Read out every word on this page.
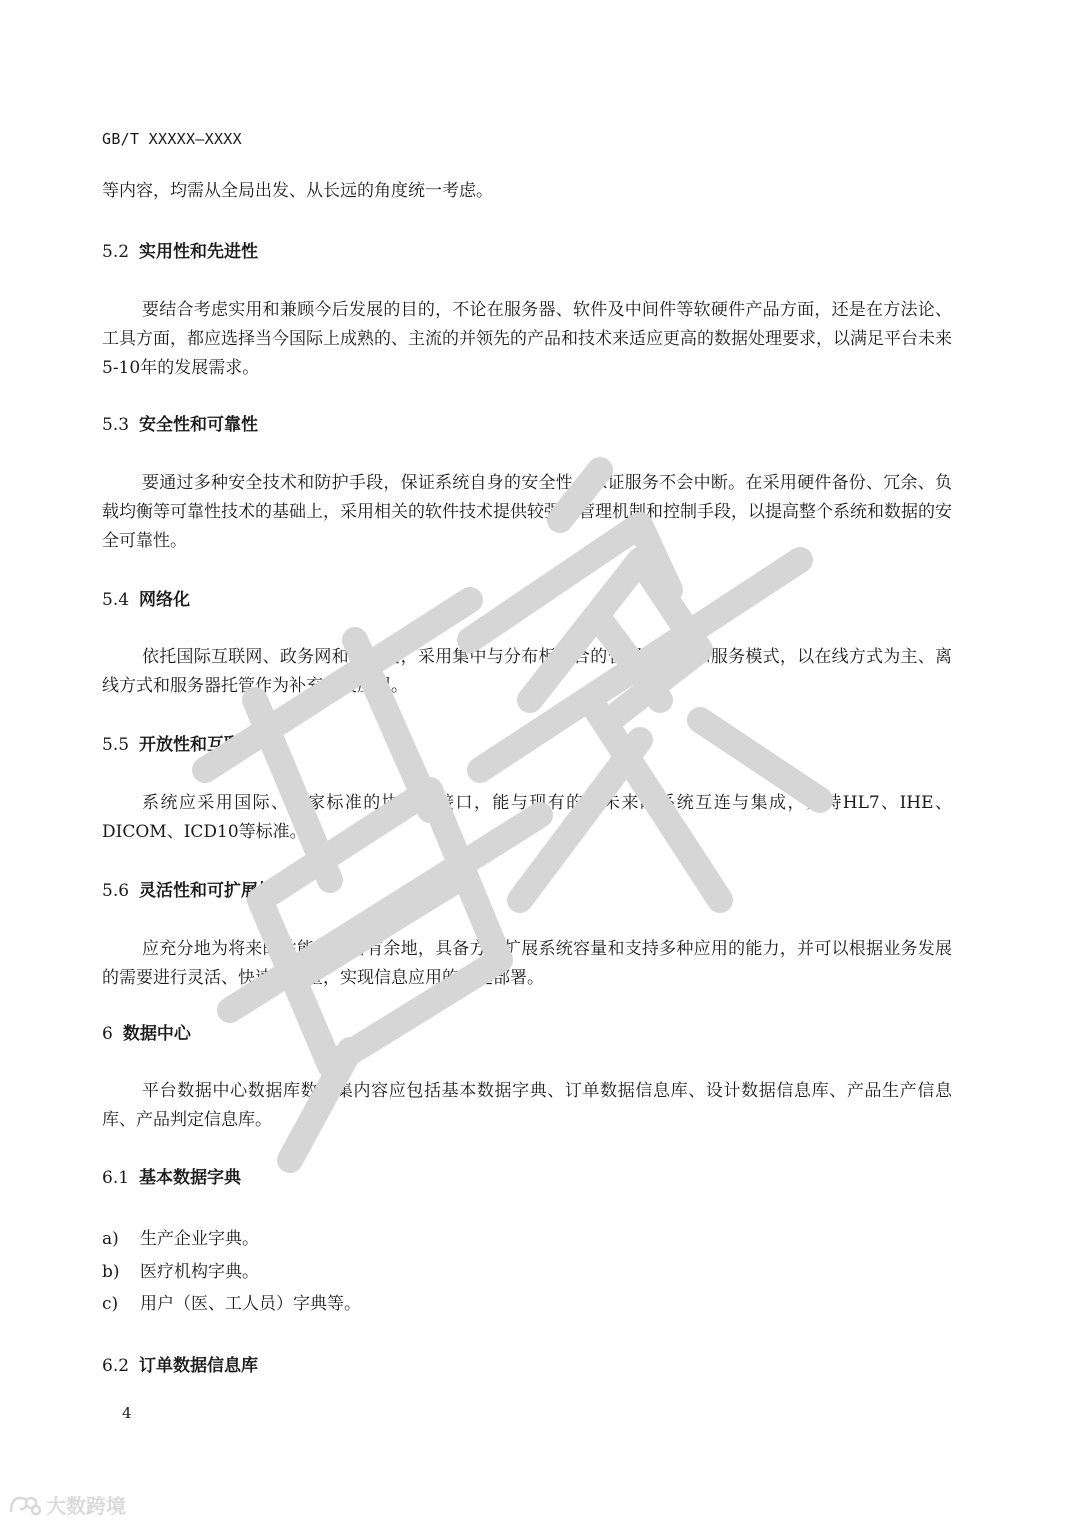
GB/T XXXXX—XXXX
等内容，均需从全局出发、从长远的角度统一考虑。
5.2 实用性和先进性
要结合考虑实用和兼顾今后发展的目的，不论在服务器、软件及中间件等软硬件产品方面，还是在方法论、工具方面，都应选择当今国际上成熟的、主流的并领先的产品和技术来适应更高的数据处理要求，以满足平台未来5-10年的发展需求。
5.3 安全性和可靠性
要通过多种安全技术和防护手段，保证系统自身的安全性，保证服务不会中断。在采用硬件备份、冗余、负载均衡等可靠性技术的基础上，采用相关的软件技术提供较强的管理机制和控制手段，以提高整个系统和数据的安全可靠性。
5.4 网络化
依托国际互联网、政务网和内部网，采用集中与分布相结合的管理、运行和服务模式，以在线方式为主、离线方式和服务器托管作为补充开展应用。
5.5 开放性和互联性
系统应采用国际、国家标准的协议和接口，能与现有的和未来的系统互连与集成，支持HL7、IHE、DICOM、ICD10等标准。
5.6 灵活性和可扩展性
应充分地为将来的性能扩充留有余地，具备方便扩展系统容量和支持多种应用的能力，并可以根据业务发展的需要进行灵活、快速的调整，实现信息应用的快速部署。
6 数据中心
平台数据中心数据库数据集内容应包括基本数据字典、订单数据信息库、设计数据信息库、产品生产信息库、产品判定信息库。
6.1 基本数据字典
a) 生产企业字典。
b) 医疗机构字典。
c) 用户（医、工人员）字典等。
6.2 订单数据信息库
4
大数跨境
